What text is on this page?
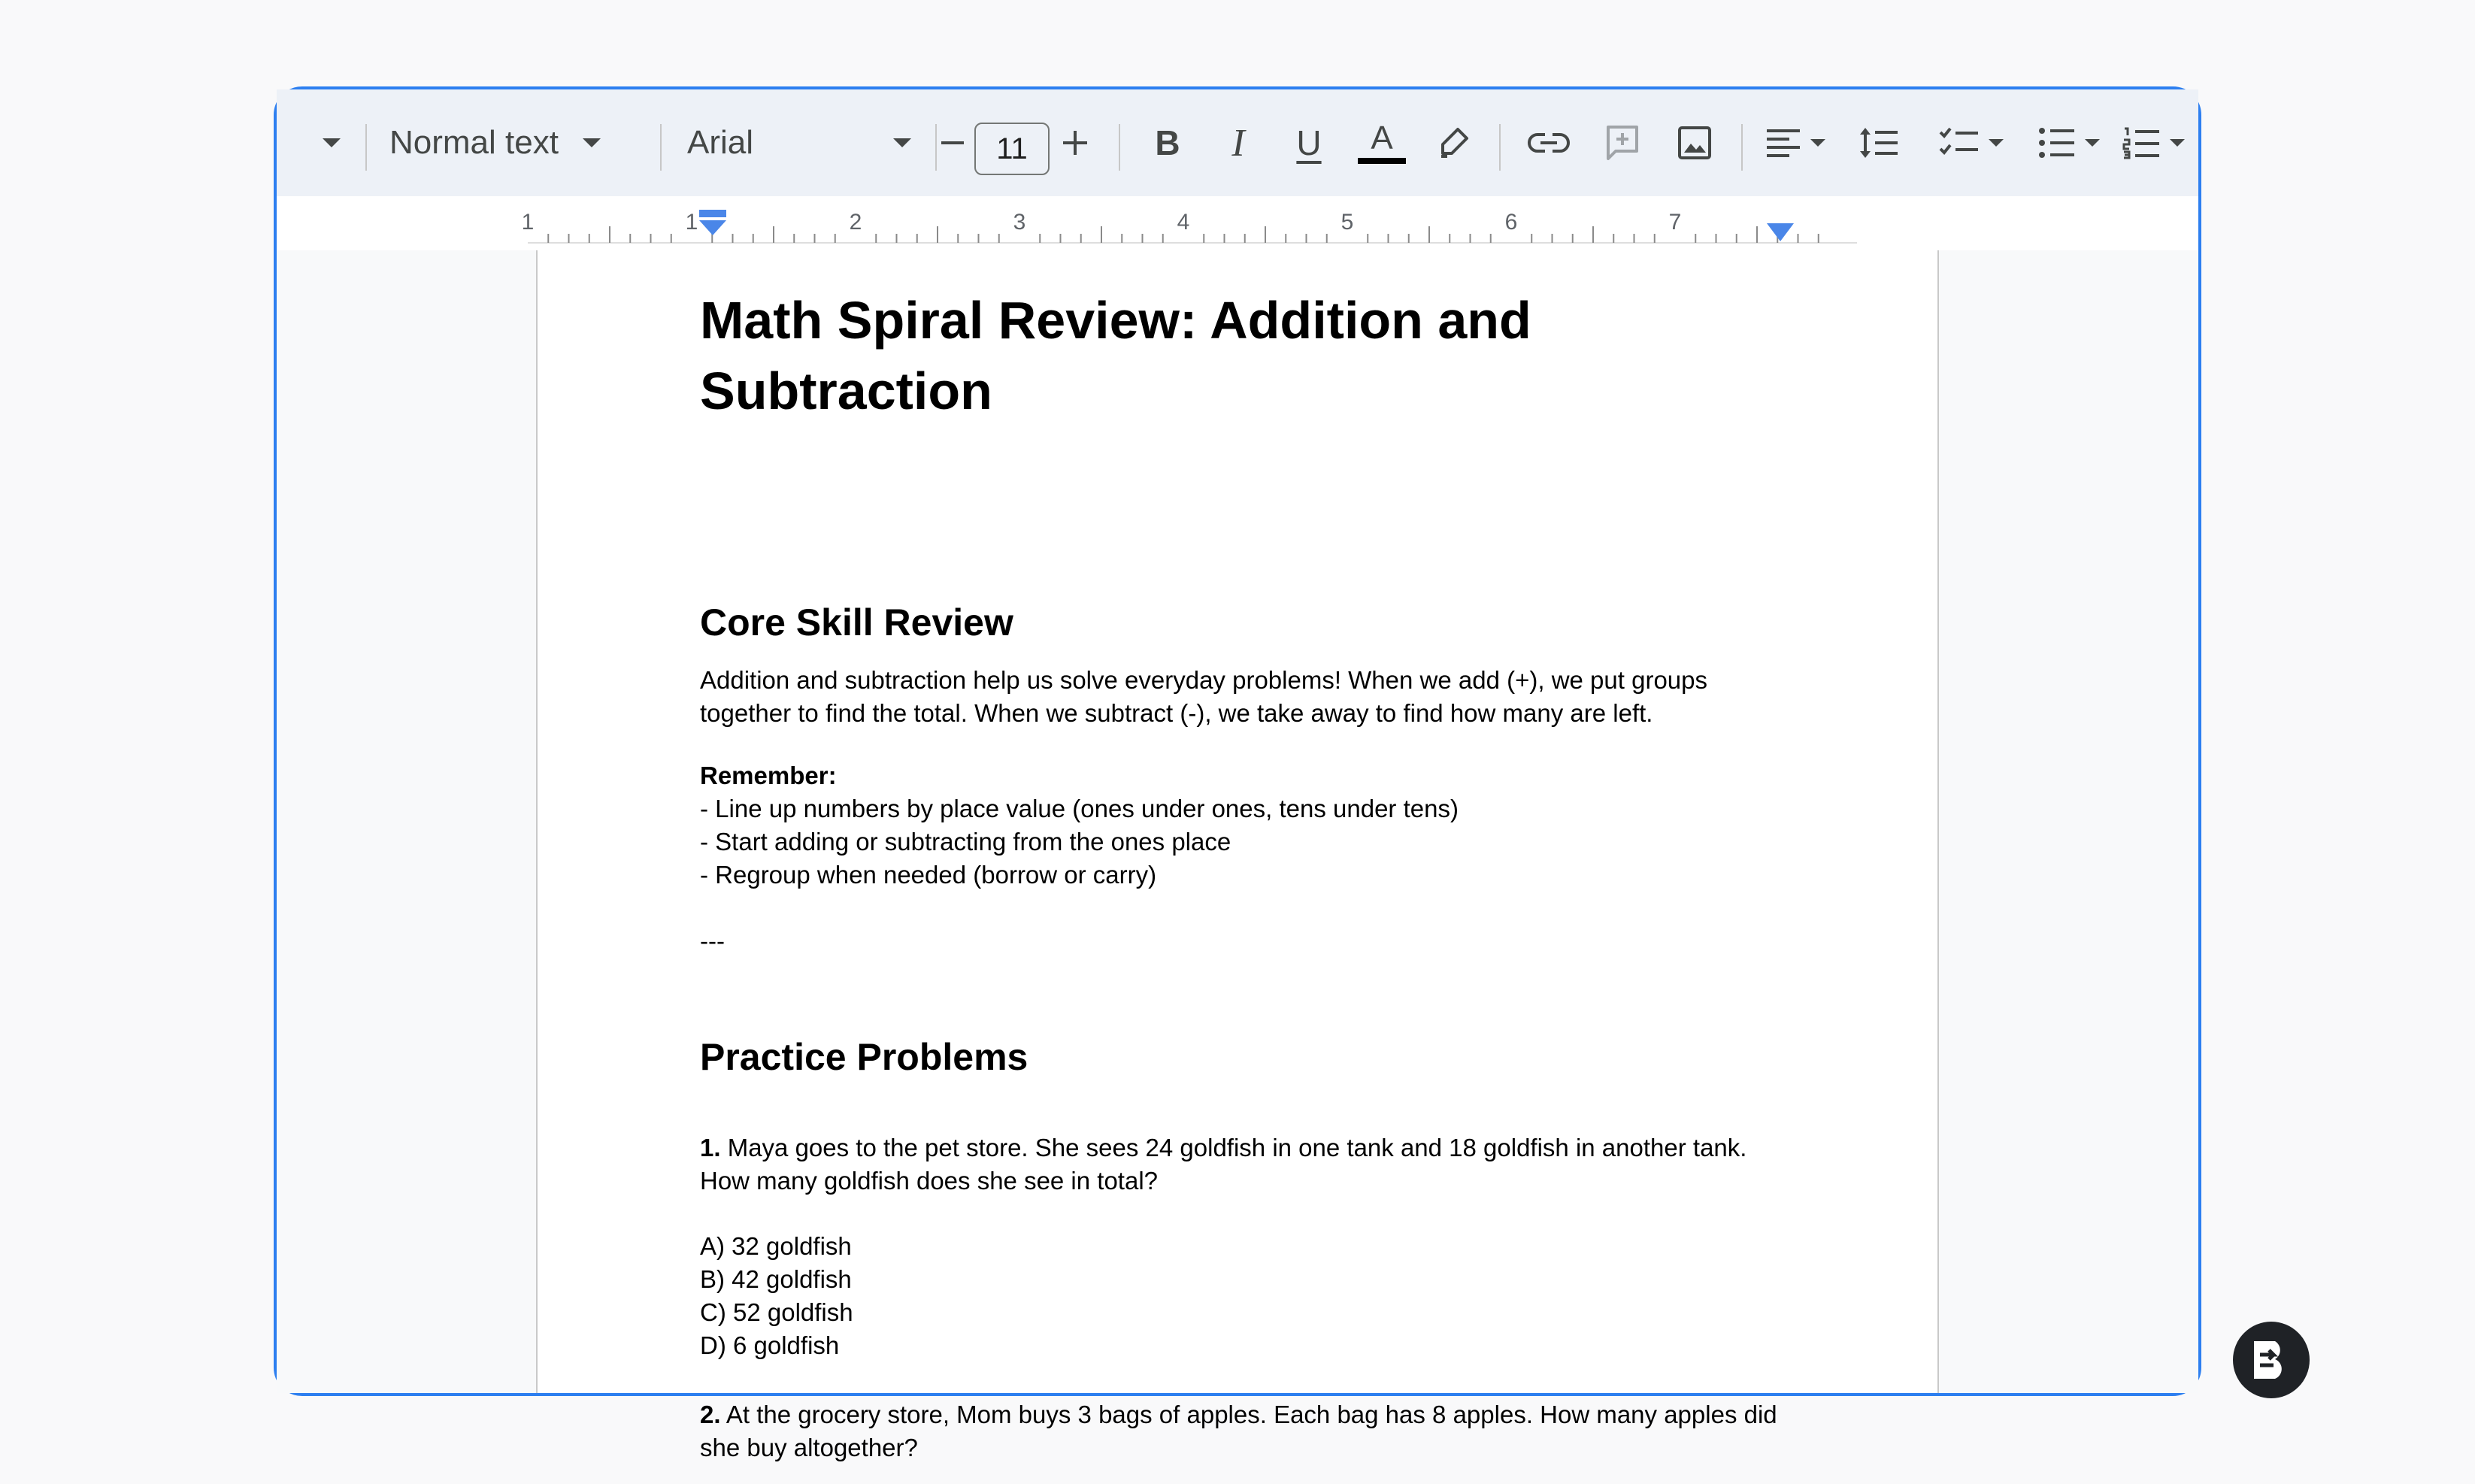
Normal text	Arial	11	B I U A
1	1	2	3	4	5	6	7
Math Spiral Review: Addition and Subtraction
Core Skill Review

Addition and subtraction help us solve everyday problems! When we add (+), we put groups together to find the total. When we subtract (-), we take away to find how many are left.

Remember:
- Line up numbers by place value (ones under ones, tens under tens)
- Start adding or subtracting from the ones place
- Regroup when needed (borrow or carry)
---
Practice Problems

1. Maya goes to the pet store. She sees 24 goldfish in one tank and 18 goldfish in another tank. How many goldfish does she see in total?

A) 32 goldfish
B) 42 goldfish
C) 52 goldfish
D) 6 goldfish

2. At the grocery store, Mom buys 3 bags of apples. Each bag has 8 apples. How many apples did she buy altogether?
